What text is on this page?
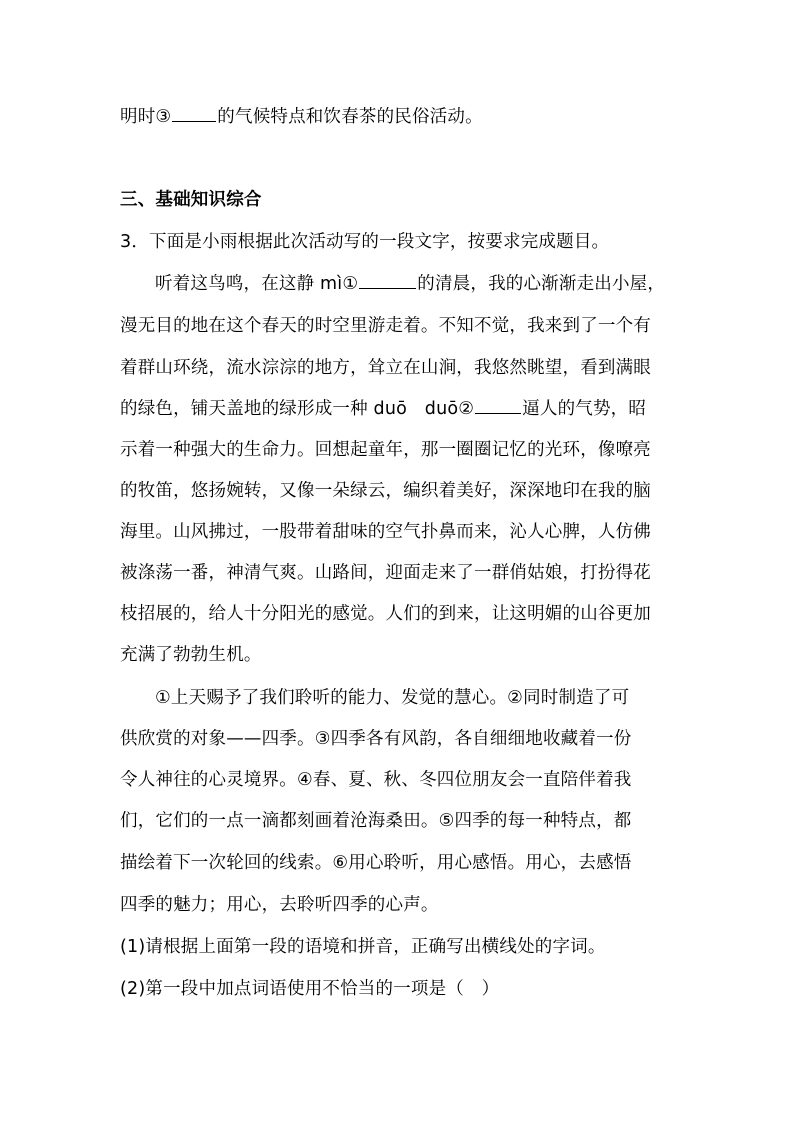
明时③	的气候特点和饮春茶的民俗活动。
三、基础知识综合
3．下面是小雨根据此次活动写的一段文字，按要求完成题目。
听着这鸟鸣，在这静 mì①	的清晨，我的心渐渐走出小屋，
漫无目的地在这个春天的时空里游走着。不知不觉，我来到了一个有
着群山环绕，流水淙淙的地方，耸立在山涧，我悠然眺望，看到满眼
的绿色，铺天盖地的绿形成一种 duō　duō②	逼人的气势，昭
示着一种强大的生命力。回想起童年，那一圈圈记忆的光环，像嘹亮
的牧笛，悠扬婉转，又像一朵绿云，编织着美好，深深地印在我的脑
海里。山风拂过，一股带着甜味的空气扑鼻而来，沁人心脾，人仿佛
被涤荡一番，神清气爽。山路间，迎面走来了一群俏姑娘，打扮得花
枝招展的，给人十分阳光的感觉。人们的到来，让这明媚的山谷更加
充满了勃勃生机。
①上天赐予了我们聆听的能力、发觉的慧心。②同时制造了可
供欣赏的对象——四季。③四季各有风韵，各自细细地收藏着一份
令人神往的心灵境界。④春、夏、秋、冬四位朋友会一直陪伴着我
们，它们的一点一滴都刻画着沧海桑田。⑤四季的每一种特点，都
描绘着下一次轮回的线索。⑥用心聆听，用心感悟。用心，去感悟
四季的魅力；用心，去聆听四季的心声。
(1)请根据上面第一段的语境和拼音，正确写出横线处的字词。
(2)第一段中加点词语使用不恰当的一项是（　）
